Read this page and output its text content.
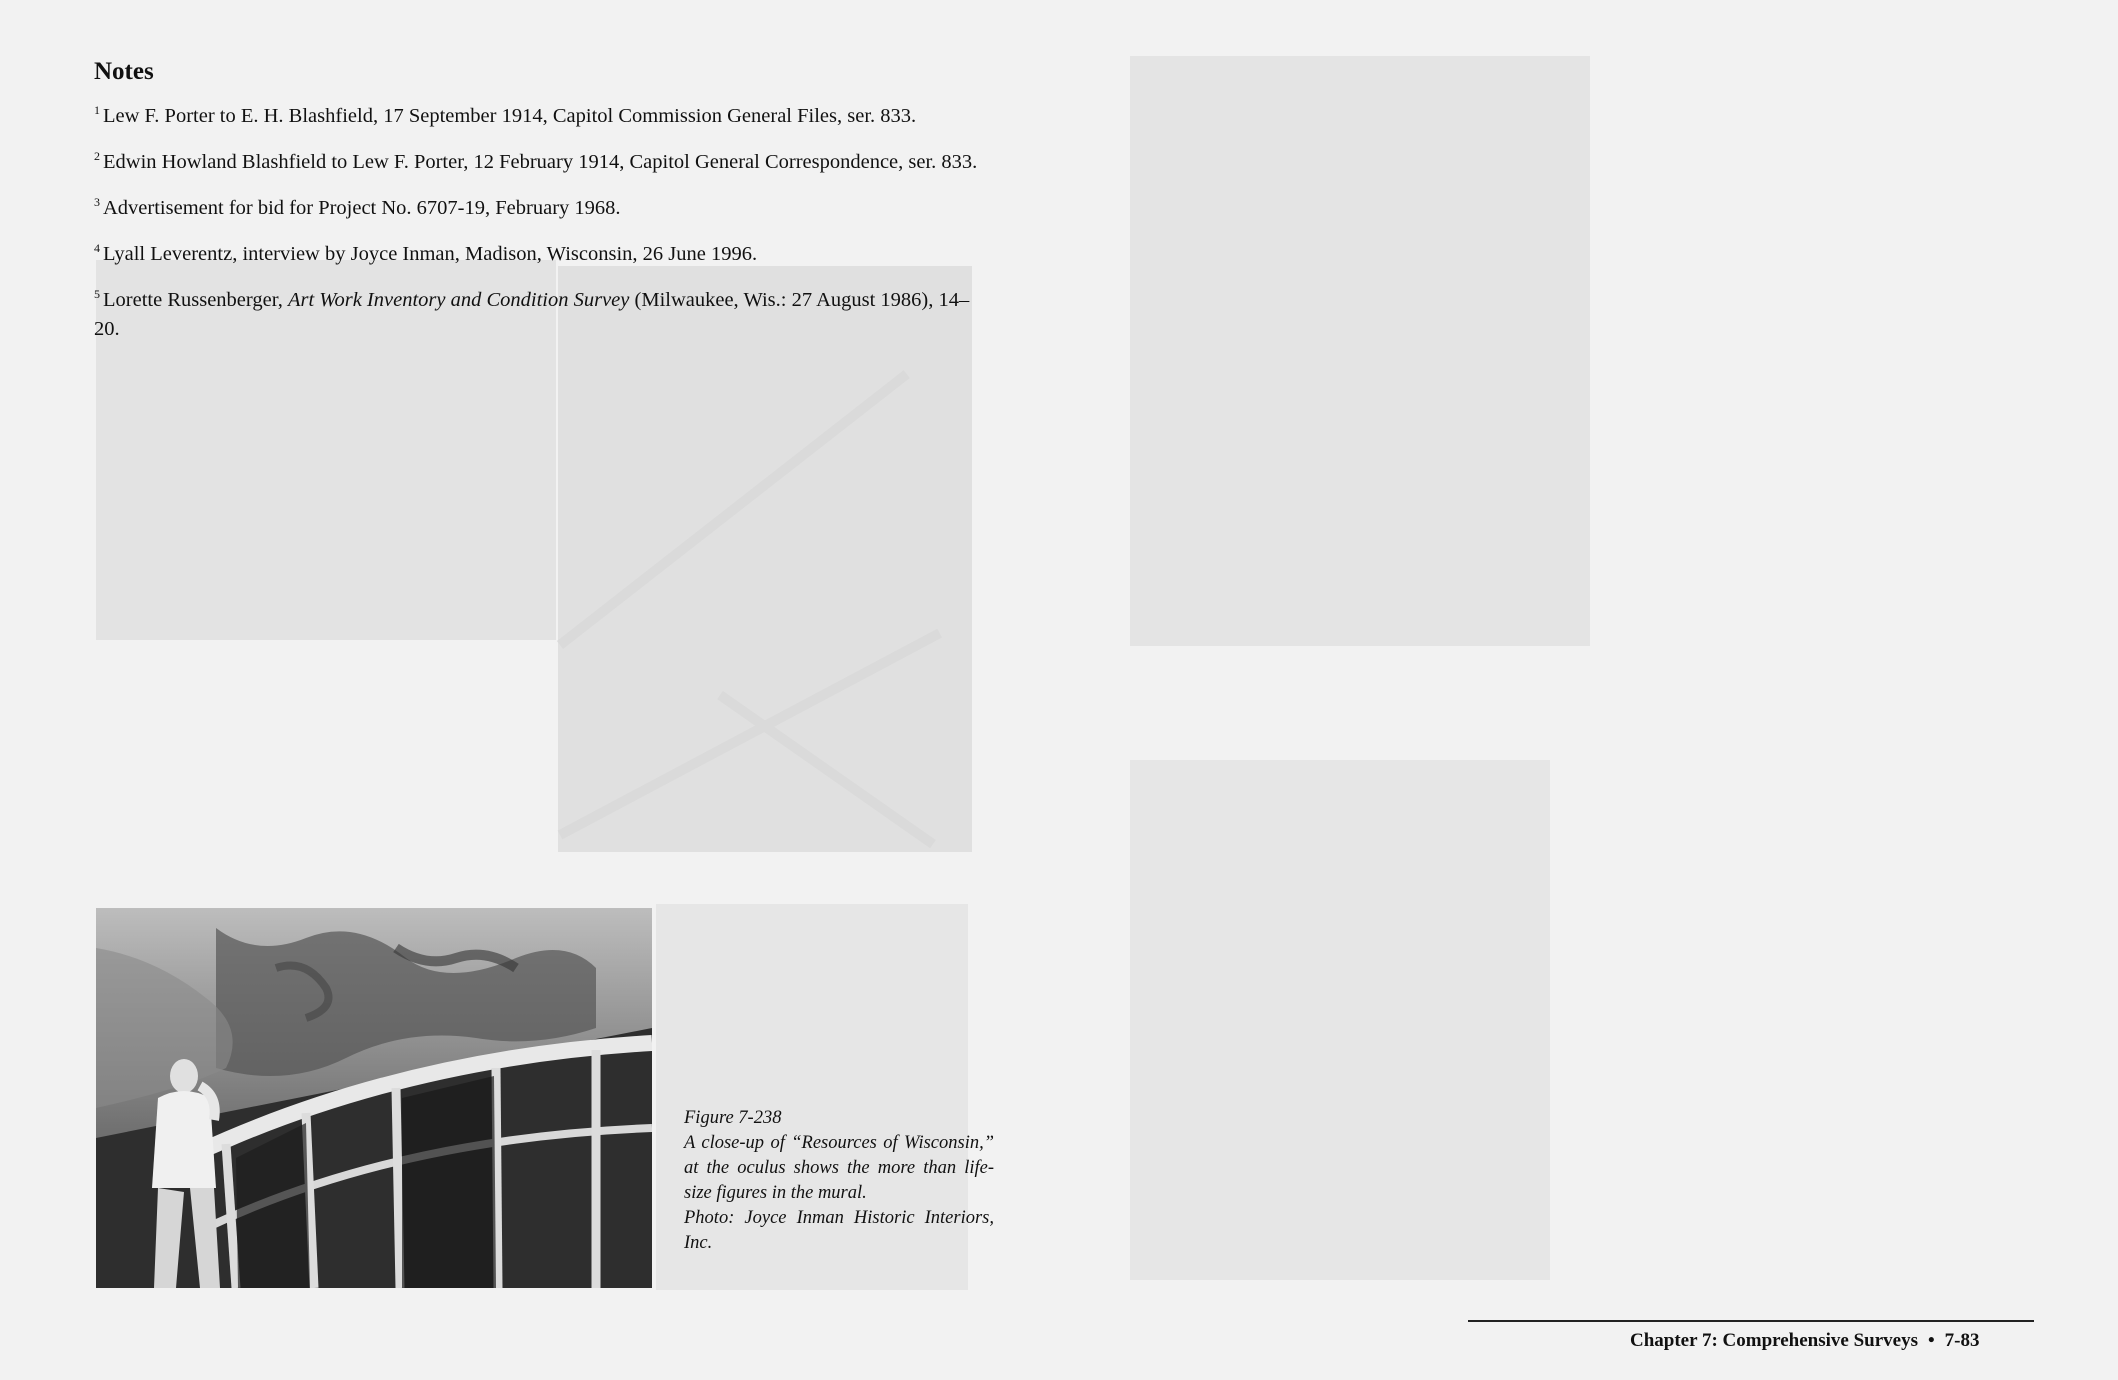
Notes
$^1$ Lew F. Porter to E. H. Blashfield, 17 September 1914, Capitol Commission General Files, ser. 833.
$^2$ Edwin Howland Blashfield to Lew F. Porter, 12 February 1914, Capitol General Correspondence, ser. 833.
$^3$ Advertisement for bid for Project No. 6707-19, February 1968.
$^4$ Lyall Leverentz, interview by Joyce Inman, Madison, Wisconsin, 26 June 1996.
$^5$ Lorette Russenberger, Art Work Inventory and Condition Survey (Milwaukee, Wis.: 27 August 1986), 14–20.
Figure 7-238
A close-up of “Resources of Wisconsin,” at the oculus shows the more than life-size figures in the mural.
Photo: Joyce Inman Historic Interiors, Inc.
Chapter 7: Comprehensive Surveys • 7-83
